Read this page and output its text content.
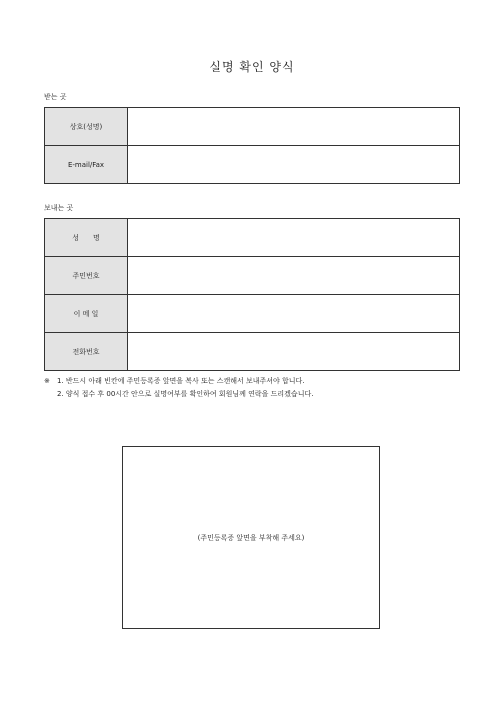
실명 확인 양식
받는 곳
상호(성명)	
E-mail/Fax	
보내는 곳
성　　명	
주민번호	
이 메 일	
전화번호	
※ 1. 반드시 아래 빈칸에 주민등록증 앞면을 복사 또는 스캔해서 보내주셔야 합니다.
2. 양식 접수 후 00시간 안으로 실명여부를 확인하여 회원님께 연락을 드리겠습니다.
(주민등록증 앞면을 부착해 주세요)
